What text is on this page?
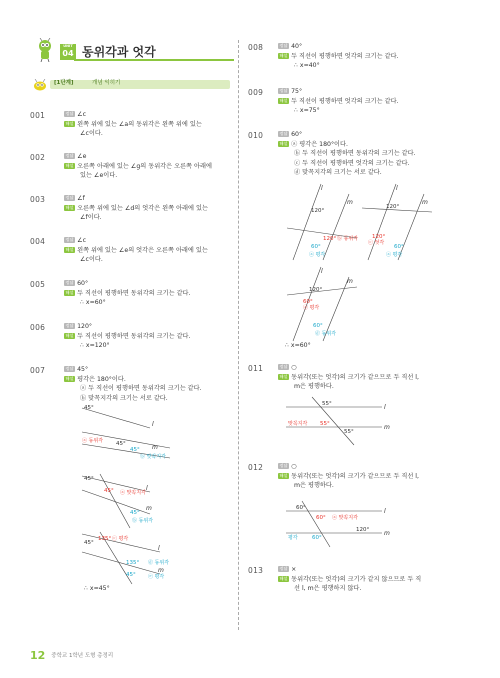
UNIT
04 동위각과 엇각
[1단계]	개념 익히기
001	정답 ∠c
해설 왼쪽 위에 있는 ∠a의 동위각은 왼쪽 위에 있는
∠c이다.
002	정답 ∠e
해설 오른쪽 아래에 있는 ∠g의 동위각은 오른쪽 아래에
있는 ∠e이다.
003	정답 ∠f
해설 오른쪽 위에 있는 ∠d의 엇각은 왼쪽 아래에 있는
∠f이다.
004	정답 ∠c
해설 왼쪽 위에 있는 ∠e의 엇각은 오른쪽 아래에 있는
∠c이다.
005	정답 60°
해설 두 직선이 평행하면 동위각의 크기는 같다.
∴ x=60°
006	정답 120°
해설 두 직선이 평행하면 동위각의 크기는 같다.
∴ x=120°
007	정답 45°
해설 평각은 180°이다.
ⓐ 두 직선이 평행하면 동위각의 크기는 같다.
ⓑ 맞꼭지각의 크기는 서로 같다.
45°
45°
45°
l
m
ⓐ 동위각
ⓑ 맞꼭지각
45°
45°
45°
l
m
ⓐ 맞꼭지각
ⓑ 동위각
45°
135°
135°
45°
l
m
ⓒ 평각
ⓓ 동위각
ⓔ 평각
∴ x=45°
008	정답 40°
해설 두 직선이 평행하면 엇각의 크기는 같다.
∴ x=40°
009	정답 75°
해설 두 직선이 평행하면 엇각의 크기는 같다.
∴ x=75°
010	정답 60°
해설 ⓐ 평각은 180°이다.
ⓑ 두 직선이 평행하면 동위각의 크기는 같다.
ⓒ 두 직선이 평행하면 엇각의 크기는 같다.
ⓓ 맞꼭지각의 크기는 서로 같다.
l
m
120°
120°
60°
ⓑ 동위각
ⓐ 평각
l
m
120°
120°
60°
ⓒ 엇각
ⓐ 평각
l
m
120°
60°
60°
ⓐ 평각
ⓓ 동위각
∴ x=60°
011	정답 ○
해설 동위각(또는 엇각)의 크기가 같으므로 두 직선 l,
m은 평행하다.
l
m
55°
55°
55°
맞꼭지각
012	정답 ○
해설 동위각(또는 엇각)의 크기가 같으므로 두 직선 l,
m은 평행하다.
l
m
60°
60°
120°
60°
ⓐ 맞꼭지각
평각
013	정답 ×
해설 동위각(또는 엇각)의 크기가 같지 않으므로 두 직
선 l, m은 평행하지 않다.
12 중학교 1학년 도형 총정리
